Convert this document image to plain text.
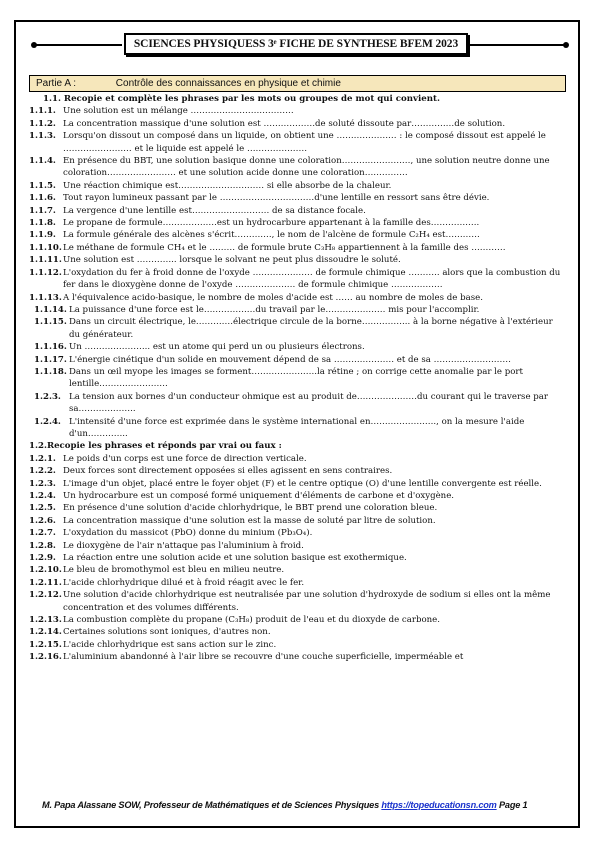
SCIENCES PHYSIQUESS 3ᵉ FICHE DE SYNTHESE BFEM 2023
Partie A :	Contrôle des connaissances en physique et chimie

1.1. Recopie et complète les phrases par les mots ou groupes de mot qui convient.

1.1.1. Une solution est un mélange ………………………………
1.1.2. La concentration massique d'une solution est ………………de soluté dissoute par……………de solution.
1.1.3. Lorsqu'on dissout un composé dans un liquide, on obtient une ………………… : le composé dissout est appelé le …………………… et le liquide est appelé le …………………
1.1.4. En présence du BBT, une solution basique donne une coloration……………………, une solution neutre donne une coloration…………………… et une solution acide donne une coloration……………
1.1.5. Une réaction chimique est………………………… si elle absorbe de la chaleur.
1.1.6. Tout rayon lumineux passant par le ……………………………d'une lentille en ressort sans être dévie.
1.1.7. La vergence d'une lentille est……………………… de sa distance focale.
1.1.8. Le propane de formule……………….est un hydrocarbure appartenant à la famille des……………..
1.1.9. La formule générale des alcènes s'écrit…………., le nom de l'alcène de formule C₂H₄ est…………
1.1.10. Le méthane de formule CH₄ et le ……… de formule brute C₃H₈ appartiennent à la famille des …………
1.1.11. Une solution est ………….. lorsque le solvant ne peut plus dissoudre le soluté.
1.1.12. L'oxydation du fer à froid donne de l'oxyde ………………… de formule chimique ……….. alors que la combustion du fer dans le dioxygène donne de l'oxyde ………………… de formule chimique ………………
1.1.13. A l'équivalence acido-basique, le nombre de moles d'acide est …… au nombre de moles de base.
1.1.14. La puissance d'une force est le………………du travail par le………………… mis pour l'accomplir.
1.1.15. Dans un circuit électrique, le………….électrique circule de la borne…………….. à la borne négative à l'extérieur du générateur.
1.1.16. Un ………………….. est un atome qui perd un ou plusieurs électrons.
1.1.17. L'énergie cinétique d'un solide en mouvement dépend de sa ………………… et de sa ………………………
1.1.18. Dans un œil myope les images se forment…………………..la rétine ; on corrige cette anomalie par le port lentille……………………
1.2.3. La tension aux bornes d'un conducteur ohmique est au produit de…………………du courant qui le traverse par sa………………..
1.2.4. L'intensité d'une force est exprimée dans le système international en………………….., on la mesure l'aide d'un…………..

1.2.Recopie les phrases et réponds par vrai ou faux :

1.2.1. Le poids d'un corps est une force de direction verticale.
1.2.2. Deux forces sont directement opposées si elles agissent en sens contraires.
1.2.3. L'image d'un objet, placé entre le foyer objet (F) et le centre optique (O) d'une lentille convergente est réelle.
1.2.4. Un hydrocarbure est un composé formé uniquement d'éléments de carbone et d'oxygène.
1.2.5. En présence d'une solution d'acide chlorhydrique, le BBT prend une coloration bleue.
1.2.6. La concentration massique d'une solution est la masse de soluté par litre de solution.
1.2.7. L'oxydation du massicot (PbO) donne du minium (Pb₃O₄).
1.2.8. Le dioxygène de l'air n'attaque pas l'aluminium à froid.
1.2.9. La réaction entre une solution acide et une solution basique est exothermique.
1.2.10. Le bleu de bromothymol est bleu en milieu neutre.
1.2.11. L'acide chlorhydrique dilué et à froid réagit avec le fer.
1.2.12. Une solution d'acide chlorhydrique est neutralisée par une solution d'hydroxyde de sodium si elles ont la même concentration et des volumes différents.
1.2.13. La combustion complète du propane (C₃H₈) produit de l'eau et du dioxyde de carbone.
1.2.14. Certaines solutions sont ioniques, d'autres non.
1.2.15. L'acide chlorhydrique est sans action sur le zinc.
1.2.16. L'aluminium abandonné à l'air libre se recouvre d'une couche superficielle, imperméable et
M. Papa Alassane SOW, Professeur de Mathématiques et de Sciences Physiques https://topeducationsn.com Page 1
